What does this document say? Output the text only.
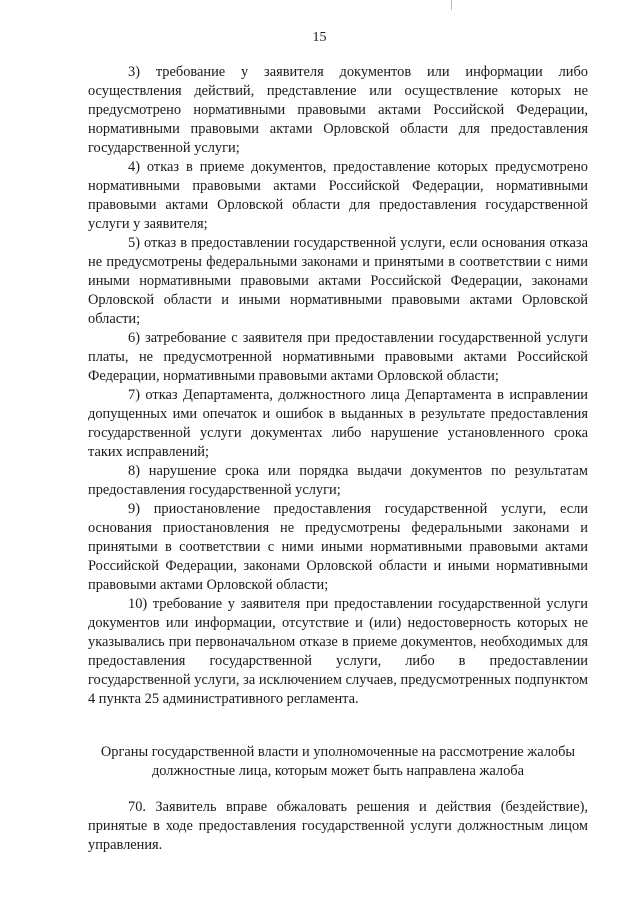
15

3) требование у заявителя документов или информации либо осуществления действий, представление или осуществление которых не предусмотрено нормативными правовыми актами Российской Федерации, нормативными правовыми актами Орловской области для предоставления государственной услуги;

4) отказ в приеме документов, предоставление которых предусмотрено нормативными правовыми актами Российской Федерации, нормативными правовыми актами Орловской области для предоставления государственной услуги у заявителя;

5) отказ в предоставлении государственной услуги, если основания отказа не предусмотрены федеральными законами и принятыми в соответствии с ними иными нормативными правовыми актами Российской Федерации, законами Орловской области и иными нормативными правовыми актами Орловской области;

6) затребование с заявителя при предоставлении государственной услуги платы, не предусмотренной нормативными правовыми актами Российской Федерации, нормативными правовыми актами Орловской области;

7) отказ Департамента, должностного лица Департамента в исправлении допущенных ими опечаток и ошибок в выданных в результате предоставления государственной услуги документах либо нарушение установленного срока таких исправлений;

8) нарушение срока или порядка выдачи документов по результатам предоставления государственной услуги;

9) приостановление предоставления государственной услуги, если основания приостановления не предусмотрены федеральными законами и принятыми в соответствии с ними иными нормативными правовыми актами Российской Федерации, законами Орловской области и иными нормативными правовыми актами Орловской области;

10) требование у заявителя при предоставлении государственной услуги документов или информации, отсутствие и (или) недостоверность которых не указывались при первоначальном отказе в приеме документов, необходимых для предоставления государственной услуги, либо в предоставлении государственной услуги, за исключением случаев, предусмотренных подпунктом 4 пункта 25 административного регламента.

Органы государственной власти и уполномоченные на рассмотрение жалобы

должностные лица, которым может быть направлена жалоба

70. Заявитель вправе обжаловать решения и действия (бездействие), принятые в ходе предоставления государственной услуги должностным лицом управления.
